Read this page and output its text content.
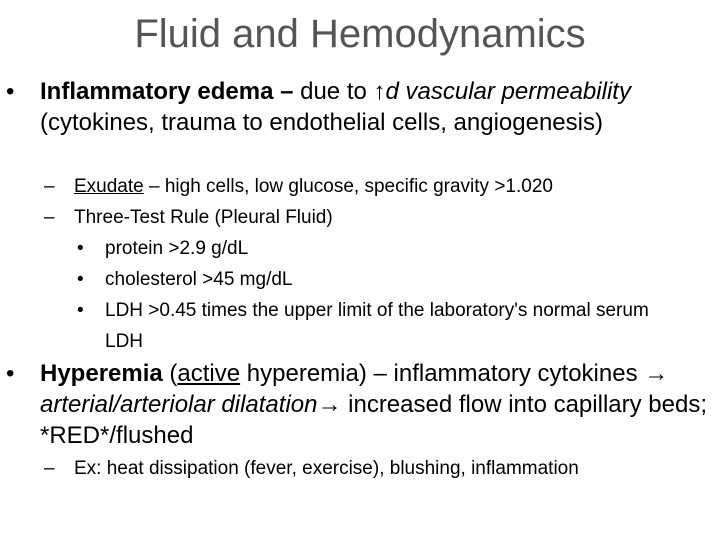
Fluid and Hemodynamics
• Inflammatory edema – due to ↑d vascular permeability (cytokines, trauma to endothelial cells, angiogenesis)
– Exudate – high cells, low glucose, specific gravity >1.020
– Three-Test Rule (Pleural Fluid)
• protein >2.9 g/dL
• cholesterol >45 mg/dL
• LDH >0.45 times the upper limit of the laboratory's normal serum LDH
• Hyperemia (active hyperemia) – inflammatory cytokines → arterial/arteriolar dilatation→ increased flow into capillary beds; *RED*/flushed
– Ex: heat dissipation (fever, exercise), blushing, inflammation
